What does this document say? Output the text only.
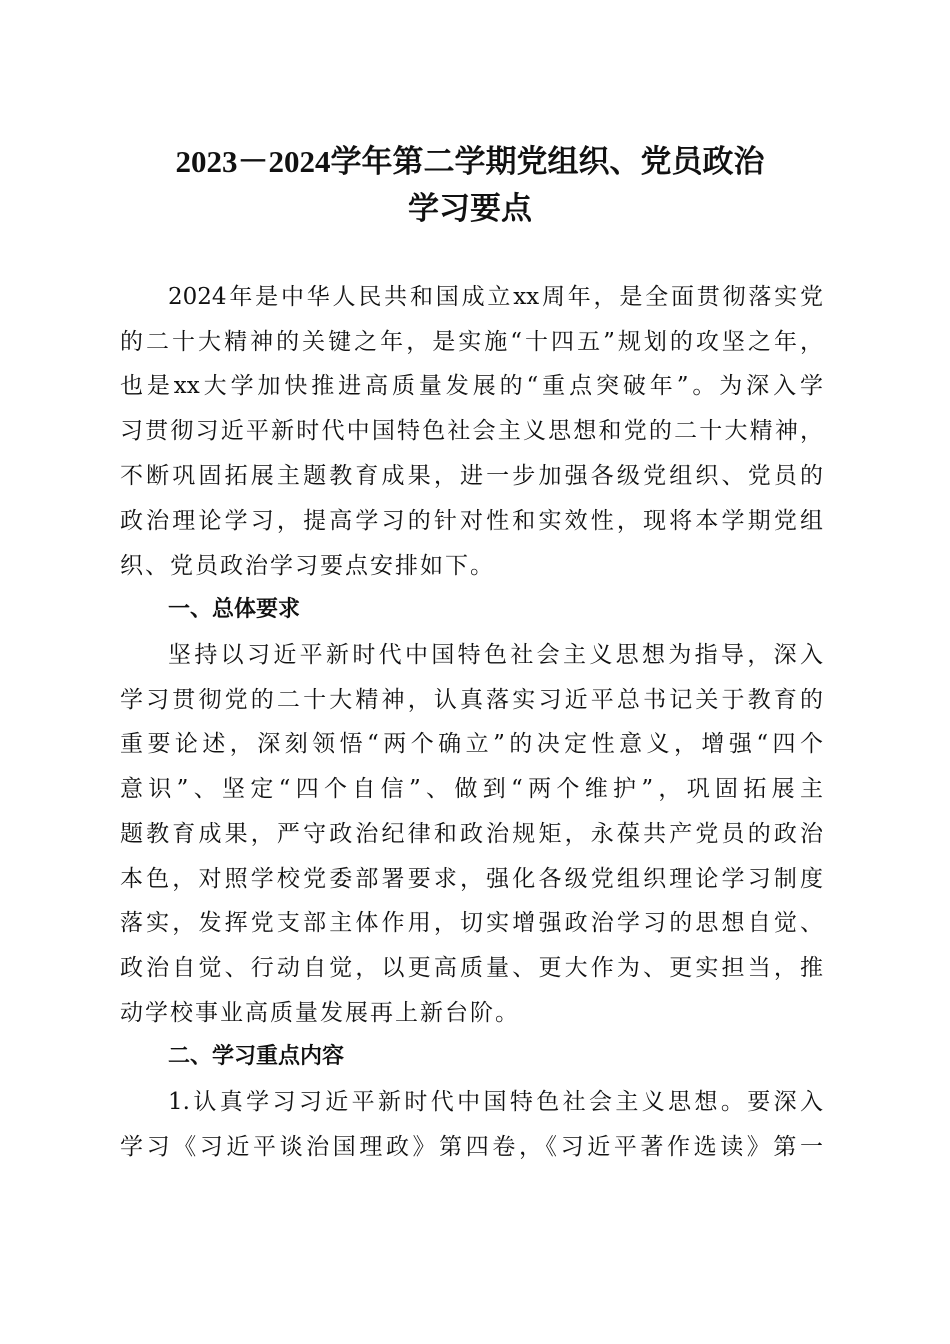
2023－2024学年第二学期党组织、党员政治
学习要点
2024年是中华人民共和国成立xx周年，是全面贯彻落实党
的二十大精神的关键之年，是实施“十四五”规划的攻坚之年，
也是xx大学加快推进高质量发展的“重点突破年”。为深入学
习贯彻习近平新时代中国特色社会主义思想和党的二十大精神，
不断巩固拓展主题教育成果，进一步加强各级党组织、党员的
政治理论学习，提高学习的针对性和实效性，现将本学期党组
织、党员政治学习要点安排如下。
一、总体要求
坚持以习近平新时代中国特色社会主义思想为指导，深入
学习贯彻党的二十大精神，认真落实习近平总书记关于教育的
重要论述，深刻领悟“两个确立”的决定性意义，增强“四个
意识”、坚定“四个自信”、做到“两个维护”，巩固拓展主
题教育成果，严守政治纪律和政治规矩，永葆共产党员的政治
本色，对照学校党委部署要求，强化各级党组织理论学习制度
落实，发挥党支部主体作用，切实增强政治学习的思想自觉、
政治自觉、行动自觉，以更高质量、更大作为、更实担当，推
动学校事业高质量发展再上新台阶。
二、学习重点内容
1.认真学习习近平新时代中国特色社会主义思想。要深入
学习《习近平谈治国理政》第四卷，《习近平著作选读》第一
